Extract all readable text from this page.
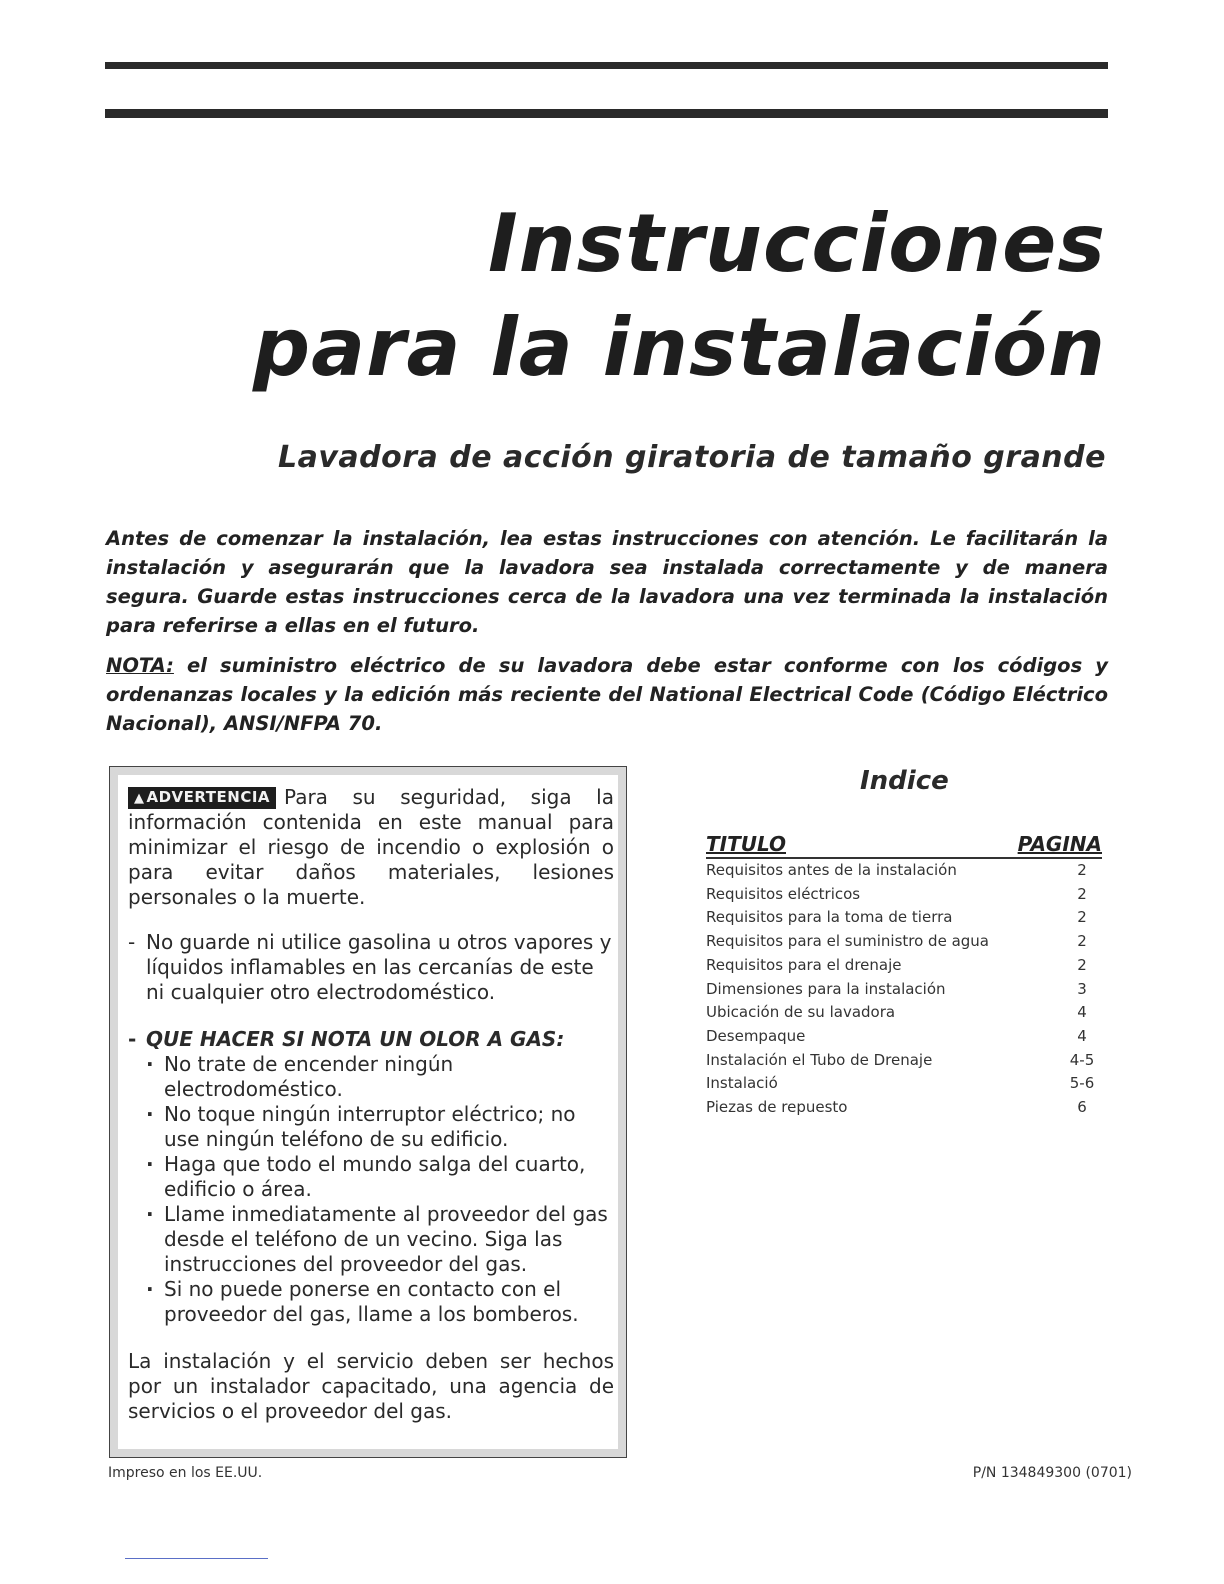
Instrucciones
para la instalación
Lavadora de acción giratoria de tamaño grande
Antes de comenzar la instalación, lea estas instrucciones con atención. Le facilitarán la instalación y asegurarán que la lavadora sea instalada correctamente y de manera segura. Guarde estas instrucciones cerca de la lavadora una vez terminada la instalación para referirse a ellas en el futuro.
NOTA: el suministro eléctrico de su lavadora debe estar conforme con los códigos y ordenanzas locales y la edición más reciente del National Electrical Code (Código Eléctrico Nacional), ANSI/NFPA 70.

▲ ADVERTENCIA Para su seguridad, siga la información contenida en este manual para minimizar el riesgo de incendio o explosión o para evitar daños materiales, lesiones personales o la muerte.

- No guarde ni utilice gasolina u otros vapores y líquidos inflamables en las cercanías de este ni cualquier otro electrodoméstico.
- QUE HACER SI NOTA UN OLOR A GAS:
· No trate de encender ningún electrodoméstico.
· No toque ningún interruptor eléctrico; no use ningún teléfono de su edificio.
· Haga que todo el mundo salga del cuarto, edificio o área.
· Llame inmediatamente al proveedor del gas desde el teléfono de un vecino. Siga las instrucciones del proveedor del gas.
· Si no puede ponerse en contacto con el proveedor del gas, llame a los bomberos.

La instalación y el servicio deben ser hechos por un instalador capacitado, una agencia de servicios o el proveedor del gas.

Indice
TITULO	PAGINA
Requisitos antes de la instalación	2
Requisitos eléctricos	2
Requisitos para la toma de tierra	2
Requisitos para el suministro de agua	2
Requisitos para el drenaje	2
Dimensiones para la instalación	3
Ubicación de su lavadora	4
Desempaque	4
Instalación el Tubo de Drenaje	4-5
Instalació	5-6
Piezas de repuesto	6
Impreso en los EE.UU.	P/N 134849300 (0701)
